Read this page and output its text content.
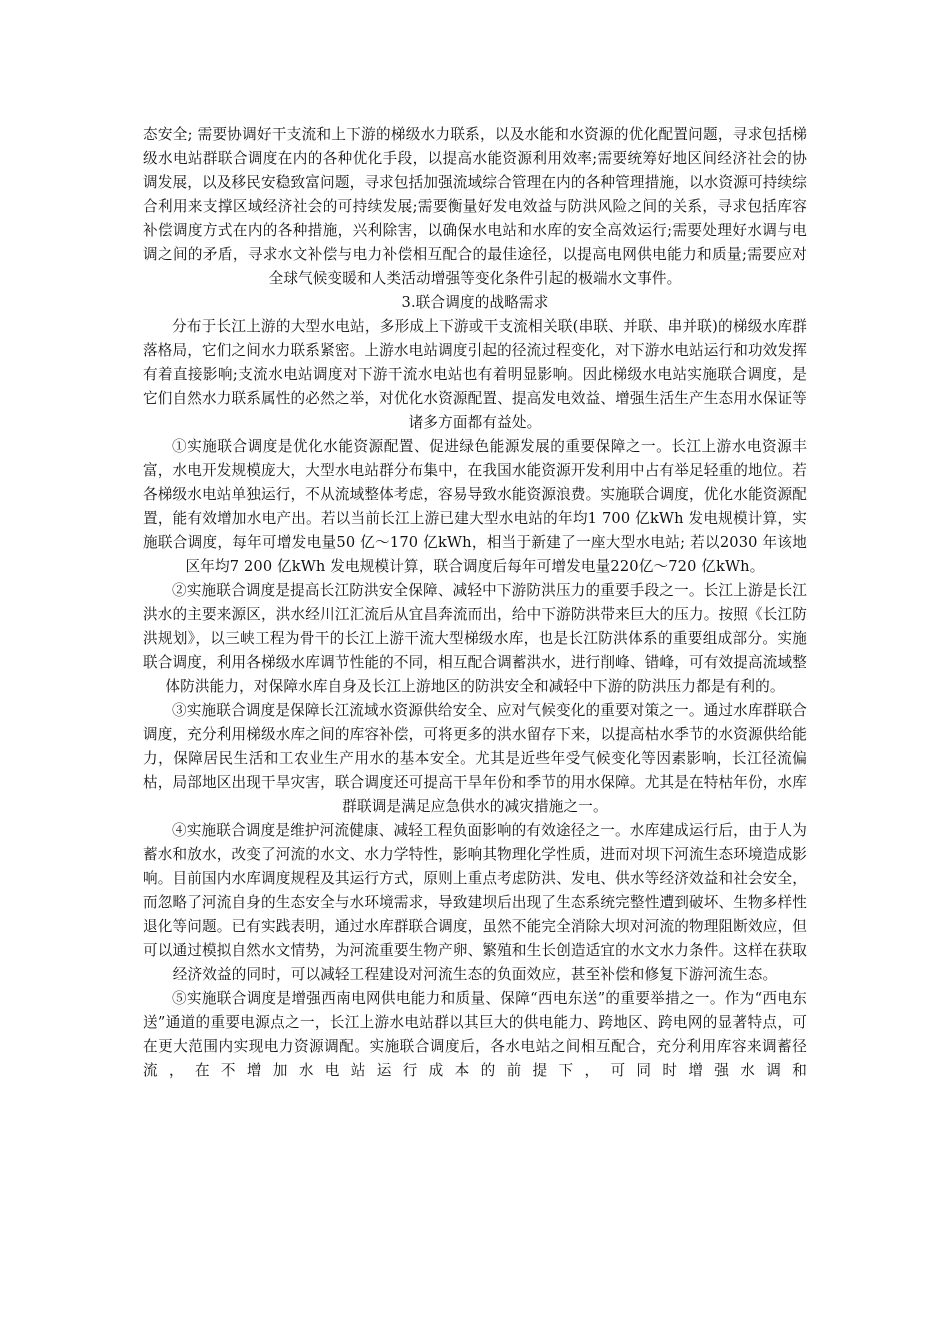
态安全; 需要协调好干支流和上下游的梯级水力联系，以及水能和水资源的优化配置问题，寻求包括梯级水电站群联合调度在内的各种优化手段，以提高水能资源利用效率;需要统筹好地区间经济社会的协调发展，以及移民安稳致富问题，寻求包括加强流域综合管理在内的各种管理措施，以水资源可持续综合利用来支撑区域经济社会的可持续发展;需要衡量好发电效益与防洪风险之间的关系，寻求包括库容补偿调度方式在内的各种措施，兴利除害，以确保水电站和水库的安全高效运行;需要处理好水调与电调之间的矛盾，寻求水文补偿与电力补偿相互配合的最佳途径，以提高电网供电能力和质量;需要应对全球气候变暖和人类活动增强等变化条件引起的极端水文事件。

3.联合调度的战略需求

分布于长江上游的大型水电站，多形成上下游或干支流相关联(串联、并联、串并联)的梯级水库群落格局，它们之间水力联系紧密。上游水电站调度引起的径流过程变化，对下游水电站运行和功效发挥有着直接影响;支流水电站调度对下游干流水电站也有着明显影响。因此梯级水电站实施联合调度，是它们自然水力联系属性的必然之举，对优化水资源配置、提高发电效益、增强生活生产生态用水保证等诸多方面都有益处。

①实施联合调度是优化水能资源配置、促进绿色能源发展的重要保障之一。长江上游水电资源丰富，水电开发规模庞大，大型水电站群分布集中，在我国水能资源开发利用中占有举足轻重的地位。若各梯级水电站单独运行，不从流域整体考虑，容易导致水能资源浪费。实施联合调度，优化水能资源配置，能有效增加水电产出。若以当前长江上游已建大型水电站的年均1 700 亿kWh 发电规模计算，实施联合调度，每年可增发电量50 亿～170 亿kWh，相当于新建了一座大型水电站; 若以2030 年该地区年均7 200 亿kWh 发电规模计算，联合调度后每年可增发电量220亿～720 亿kWh。

②实施联合调度是提高长江防洪安全保障、减轻中下游防洪压力的重要手段之一。长江上游是长江洪水的主要来源区，洪水经川江汇流后从宜昌奔流而出，给中下游防洪带来巨大的压力。按照《长江防洪规划》，以三峡工程为骨干的长江上游干流大型梯级水库，也是长江防洪体系的重要组成部分。实施联合调度，利用各梯级水库调节性能的不同，相互配合调蓄洪水，进行削峰、错峰，可有效提高流域整体防洪能力，对保障水库自身及长江上游地区的防洪安全和减轻中下游的防洪压力都是有利的。

③实施联合调度是保障长江流域水资源供给安全、应对气候变化的重要对策之一。通过水库群联合调度，充分利用梯级水库之间的库容补偿，可将更多的洪水留存下来，以提高枯水季节的水资源供给能力，保障居民生活和工农业生产用水的基本安全。尤其是近些年受气候变化等因素影响，长江径流偏枯，局部地区出现干旱灾害，联合调度还可提高干旱年份和季节的用水保障。尤其是在特枯年份，水库群联调是满足应急供水的减灾措施之一。

④实施联合调度是维护河流健康、减轻工程负面影响的有效途径之一。水库建成运行后，由于人为蓄水和放水，改变了河流的水文、水力学特性，影响其物理化学性质，进而对坝下河流生态环境造成影响。目前国内水库调度规程及其运行方式，原则上重点考虑防洪、发电、供水等经济效益和社会安全，而忽略了河流自身的生态安全与水环境需求，导致建坝后出现了生态系统完整性遭到破坏、生物多样性退化等问题。已有实践表明，通过水库群联合调度，虽然不能完全消除大坝对河流的物理阻断效应，但可以通过模拟自然水文情势，为河流重要生物产卵、繁殖和生长创造适宜的水文水力条件。这样在获取经济效益的同时，可以减轻工程建设对河流生态的负面效应，甚至补偿和修复下游河流生态。

⑤实施联合调度是增强西南电网供电能力和质量、保障“西电东送”的重要举措之一。作为“西电东送”通道的重要电源点之一，长江上游水电站群以其巨大的供电能力、跨地区、跨电网的显著特点，可在更大范围内实现电力资源调配。实施联合调度后，各水电站之间相互配合，充分利用库容来调蓄径流，在不增加水电站运行成本的前提下，可同时增强水调和
